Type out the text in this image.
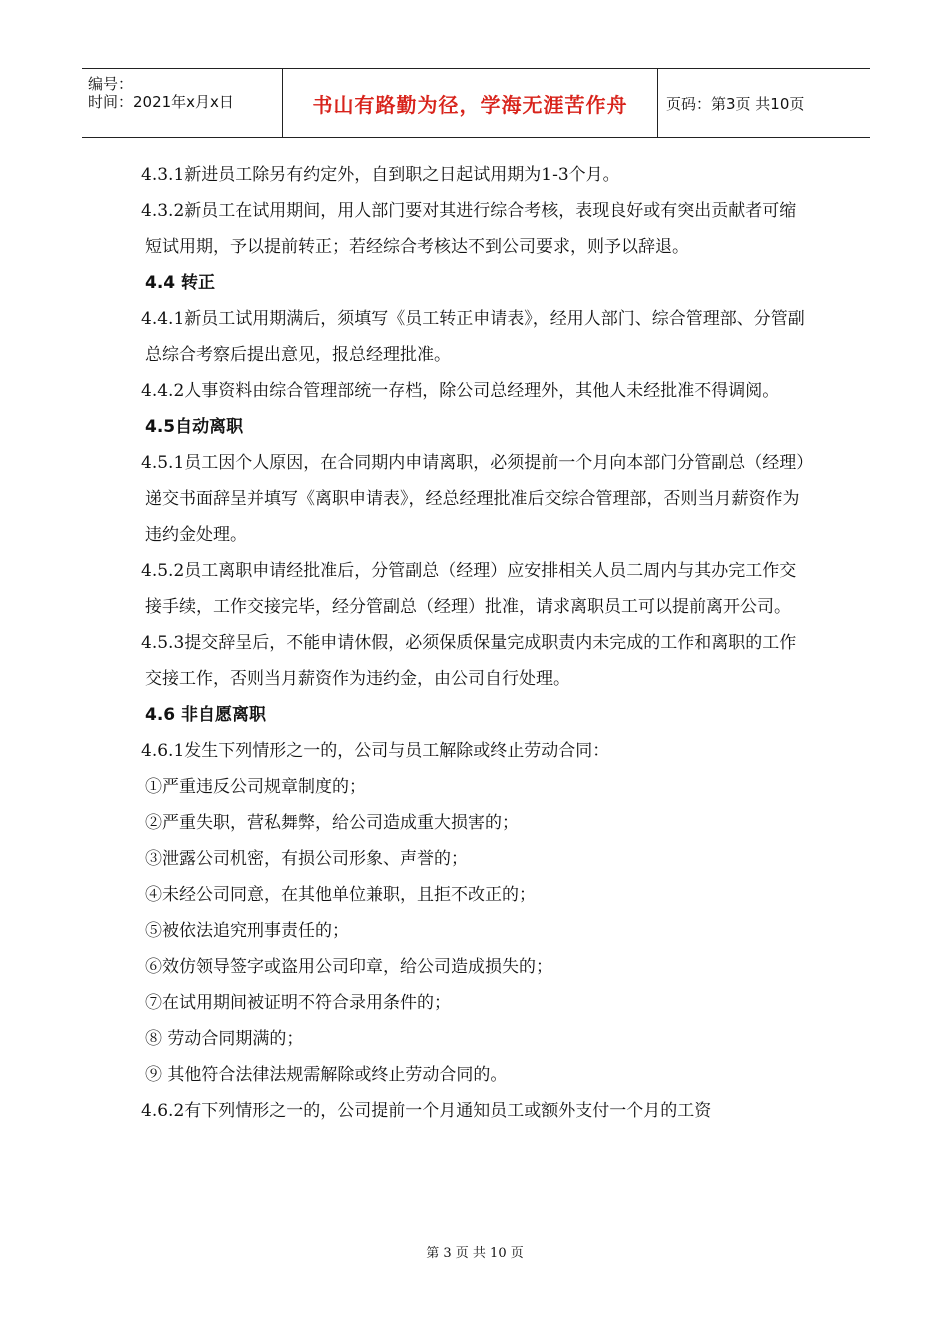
编号：
时间：2021年x月x日	书山有路勤为径，学海无涯苦作舟	页码：第3页 共10页

4.3.1新进员工除另有约定外，自到职之日起试用期为1-3个月。

4.3.2新员工在试用期间，用人部门要对其进行综合考核，表现良好或有突出贡献者可缩短试用期，予以提前转正；若经综合考核达不到公司要求，则予以辞退。

4.4 转正

4.4.1新员工试用期满后，须填写《员工转正申请表》，经用人部门、综合管理部、分管副总综合考察后提出意见，报总经理批准。

4.4.2人事资料由综合管理部统一存档，除公司总经理外，其他人未经批准不得调阅。

4.5自动离职

4.5.1员工因个人原因，在合同期内申请离职，必须提前一个月向本部门分管副总（经理）递交书面辞呈并填写《离职申请表》，经总经理批准后交综合管理部，否则当月薪资作为违约金处理。

4.5.2员工离职申请经批准后，分管副总（经理）应安排相关人员二周内与其办完工作交接手续，工作交接完毕，经分管副总（经理）批准，请求离职员工可以提前离开公司。

4.5.3提交辞呈后，不能申请休假，必须保质保量完成职责内未完成的工作和离职的工作交接工作，否则当月薪资作为违约金，由公司自行处理。

4.6 非自愿离职

4.6.1发生下列情形之一的，公司与员工解除或终止劳动合同：

①严重违反公司规章制度的；

②严重失职，营私舞弊，给公司造成重大损害的；

③泄露公司机密，有损公司形象、声誉的；

④未经公司同意，在其他单位兼职，且拒不改正的；

⑤被依法追究刑事责任的；

⑥效仿领导签字或盗用公司印章，给公司造成损失的；

⑦在试用期间被证明不符合录用条件的；

⑧ 劳动合同期满的；

⑨ 其他符合法律法规需解除或终止劳动合同的。

4.6.2有下列情形之一的，公司提前一个月通知员工或额外支付一个月的工资

第 3 页 共 10 页
